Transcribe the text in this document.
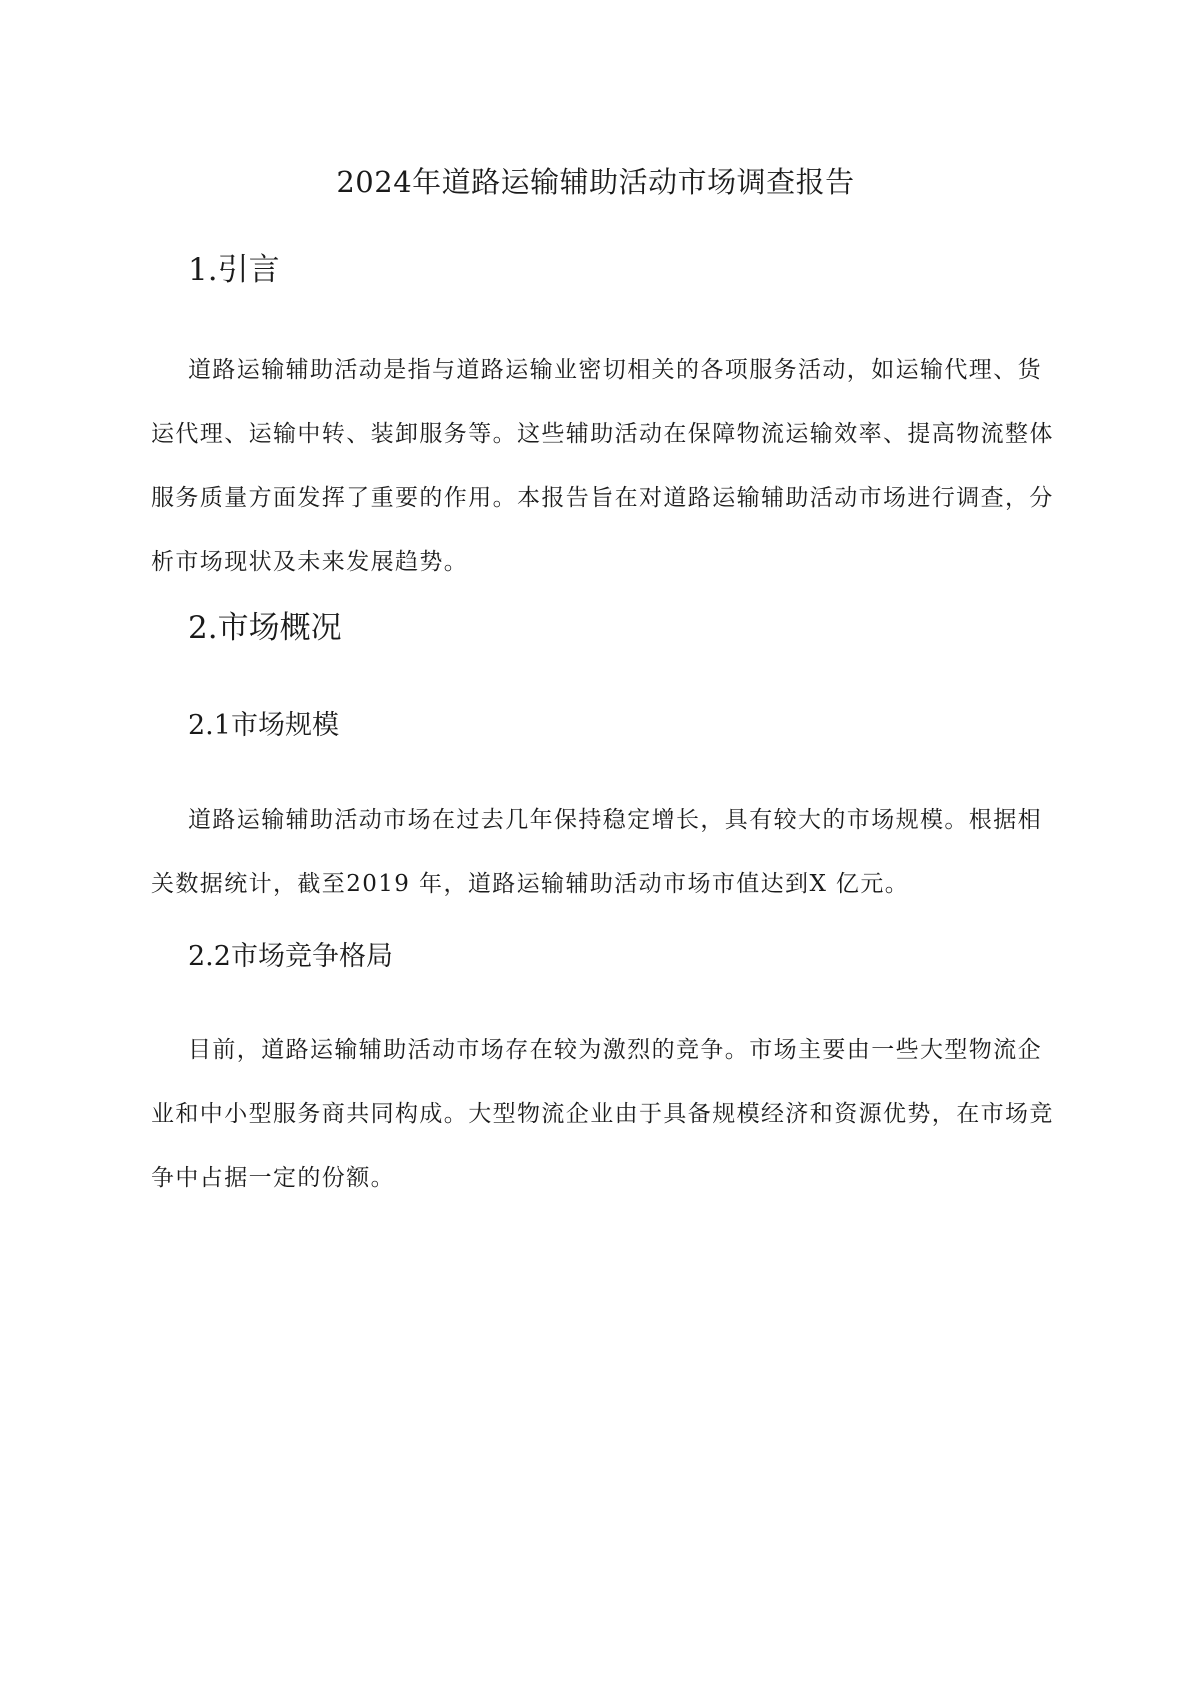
2024年道路运输辅助活动市场调查报告
1.引言

道路运输辅助活动是指与道路运输业密切相关的各项服务活动，如运输代理、货
运代理、运输中转、装卸服务等。这些辅助活动在保障物流运输效率、提高物流整体
服务质量方面发挥了重要的作用。本报告旨在对道路运输辅助活动市场进行调查，分
析市场现状及未来发展趋势。

2.市场概况
2.1市场规模

道路运输辅助活动市场在过去几年保持稳定增长，具有较大的市场规模。根据相
关数据统计，截至2019 年，道路运输辅助活动市场市值达到X 亿元。

2.2市场竞争格局

目前，道路运输辅助活动市场存在较为激烈的竞争。市场主要由一些大型物流企
业和中小型服务商共同构成。大型物流企业由于具备规模经济和资源优势，在市场竞
争中占据一定的份额。
